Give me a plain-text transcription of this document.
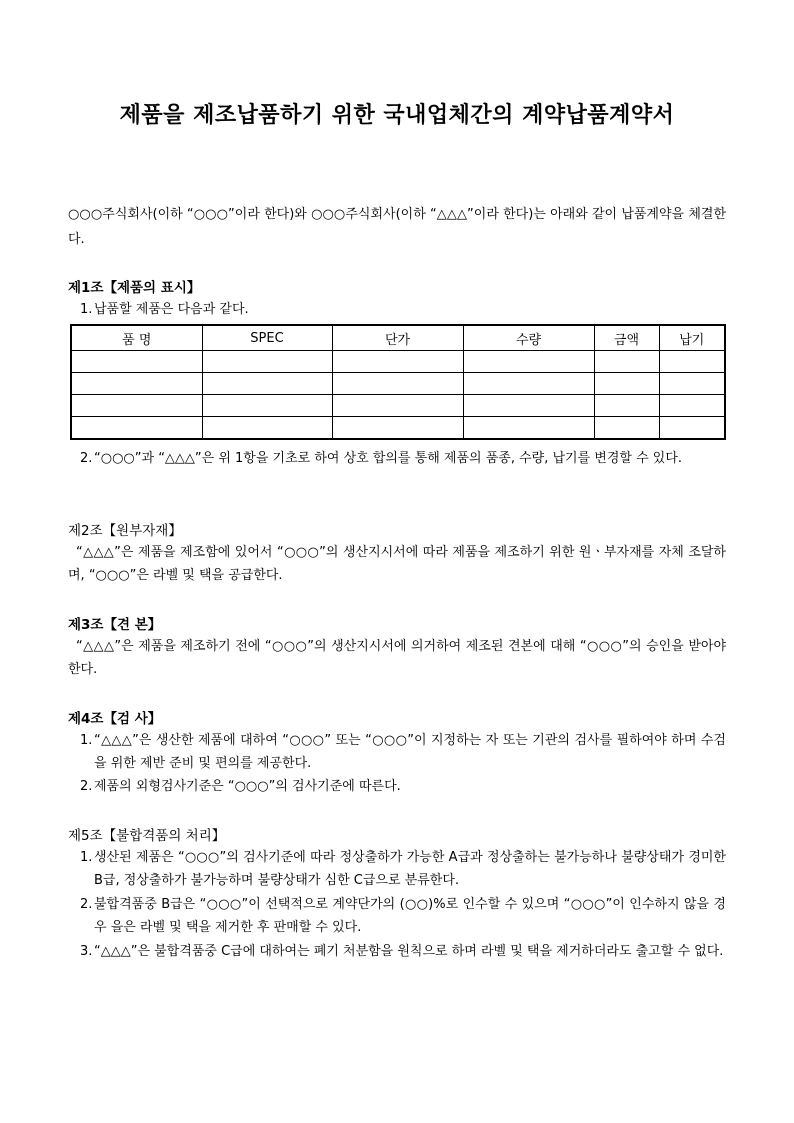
제품을 제조납품하기 위한 국내업체간의 계약납품계약서
○○○주식회사(이하 “○○○”이라 한다)와 ○○○주식회사(이하 “△△△”이라 한다)는 아래와 같이 납품계약을 체결한다.
제1조【제품의 표시】
1. 납품할 제품은 다음과 같다.
품 명	SPEC	단가	수량	금액	납기

2. “○○○”과 “△△△”은 위 1항을 기초로 하여 상호 합의를 통해 제품의 품종, 수량, 납기를 변경할 수 있다.
제2조【원부자재】
“△△△”은 제품을 제조함에 있어서 “○○○”의 생산지시서에 따라 제품을 제조하기 위한 원ㆍ부자재를 자체 조달하며, “○○○”은 라벨 및 택을 공급한다.
제3조【견 본】
“△△△”은 제품을 제조하기 전에 “○○○”의 생산지시서에 의거하여 제조된 견본에 대해 “○○○”의 승인을 받아야 한다.
제4조【검 사】
1. “△△△”은 생산한 제품에 대하여 “○○○” 또는 “○○○”이 지정하는 자 또는 기관의 검사를 필하여야 하며 수검을 위한 제반 준비 및 편의를 제공한다.
2. 제품의 외형검사기준은 “○○○”의 검사기준에 따른다.
제5조【불합격품의 처리】
1. 생산된 제품은 “○○○”의 검사기준에 따라 정상출하가 가능한 A급과 정상출하는 불가능하나 불량상태가 경미한 B급, 정상출하가 불가능하며 불량상태가 심한 C급으로 분류한다.
2. 불합격품중 B급은 “○○○”이 선택적으로 계약단가의 (○○)%로 인수할 수 있으며 “○○○”이 인수하지 않을 경우 을은 라벨 및 택을 제거한 후 판매할 수 있다.
3. “△△△”은 불합격품중 C급에 대하여는 폐기 처분함을 원칙으로 하며 라벨 및 택을 제거하더라도 출고할 수 없다.
